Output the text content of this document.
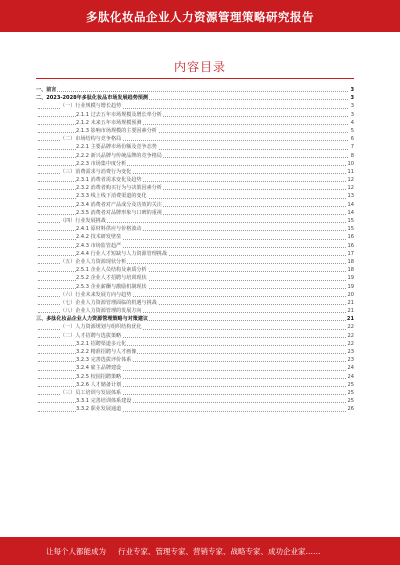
多肽化妆品企业人力资源管理策略研究报告
内容目录
一、前言	3
二、2023-2028年多肽化妆品市场发展趋势预测	3
（一）行业规模与增长趋势	3
2.1.1 过去五年市场规模及增长率分析	3
2.1.2 未来五年市场规模预测	4
2.1.3 影响市场规模的主要因素分析	5
（二）市场结构与竞争格局	6
2.2.1 主要品牌市场份额及竞争态势	7
2.2.2 新兴品牌与传统品牌的竞争格局	8
2.2.3 市场集中度分析	10
（三）消费需求与消费行为变化	11
2.3.1 消费者需求变化及趋势	12
2.3.2 消费者购买行为与决策因素分析	12
2.3.3 线上线下消费渠道的变化	13
2.3.4 消费者对产品成分及功效的关注	14
2.3.5 消费者对品牌形象与口碑的重视	14
（四）行业发展挑战	15
2.4.1 原材料供应与价格波动	15
2.4.2 技术研发壁垒	16
2.4.3 市场监管趋严	16
2.4.4 行业人才短缺与人力资源管理挑战	17
（五）企业人力资源现状分析	18
2.5.1 企业人员结构及素质分析	18
2.5.2 企业人才招聘与培训现状	19
2.5.3 企业薪酬与激励机制现状	19
（六）行业未来发展方向与趋势	20
（七）企业人力资源管理面临的机遇与挑战	21
（八）企业人力资源管理的发展方向	21
三、多肽化妆品企业人力资源管理策略与对策建议	21
（一）人力资源规划与组织结构优化	22
（二）人才招聘与选拔策略	22
3.2.1 招聘渠道多元化	22
3.2.2 精准招聘与人才画像	23
3.2.3 完善选拔评价体系	23
3.2.4 雇主品牌建设	24
3.2.5 校园招聘策略	24
3.2.6 人才储备计划	25
（三）员工培训与发展体系	25
3.3.1 完善培训体系建设	25
3.3.2 职业发展通道	26
让每个人都能成为 行业专家、管理专家、营销专家、战略专家、成功企业家……
